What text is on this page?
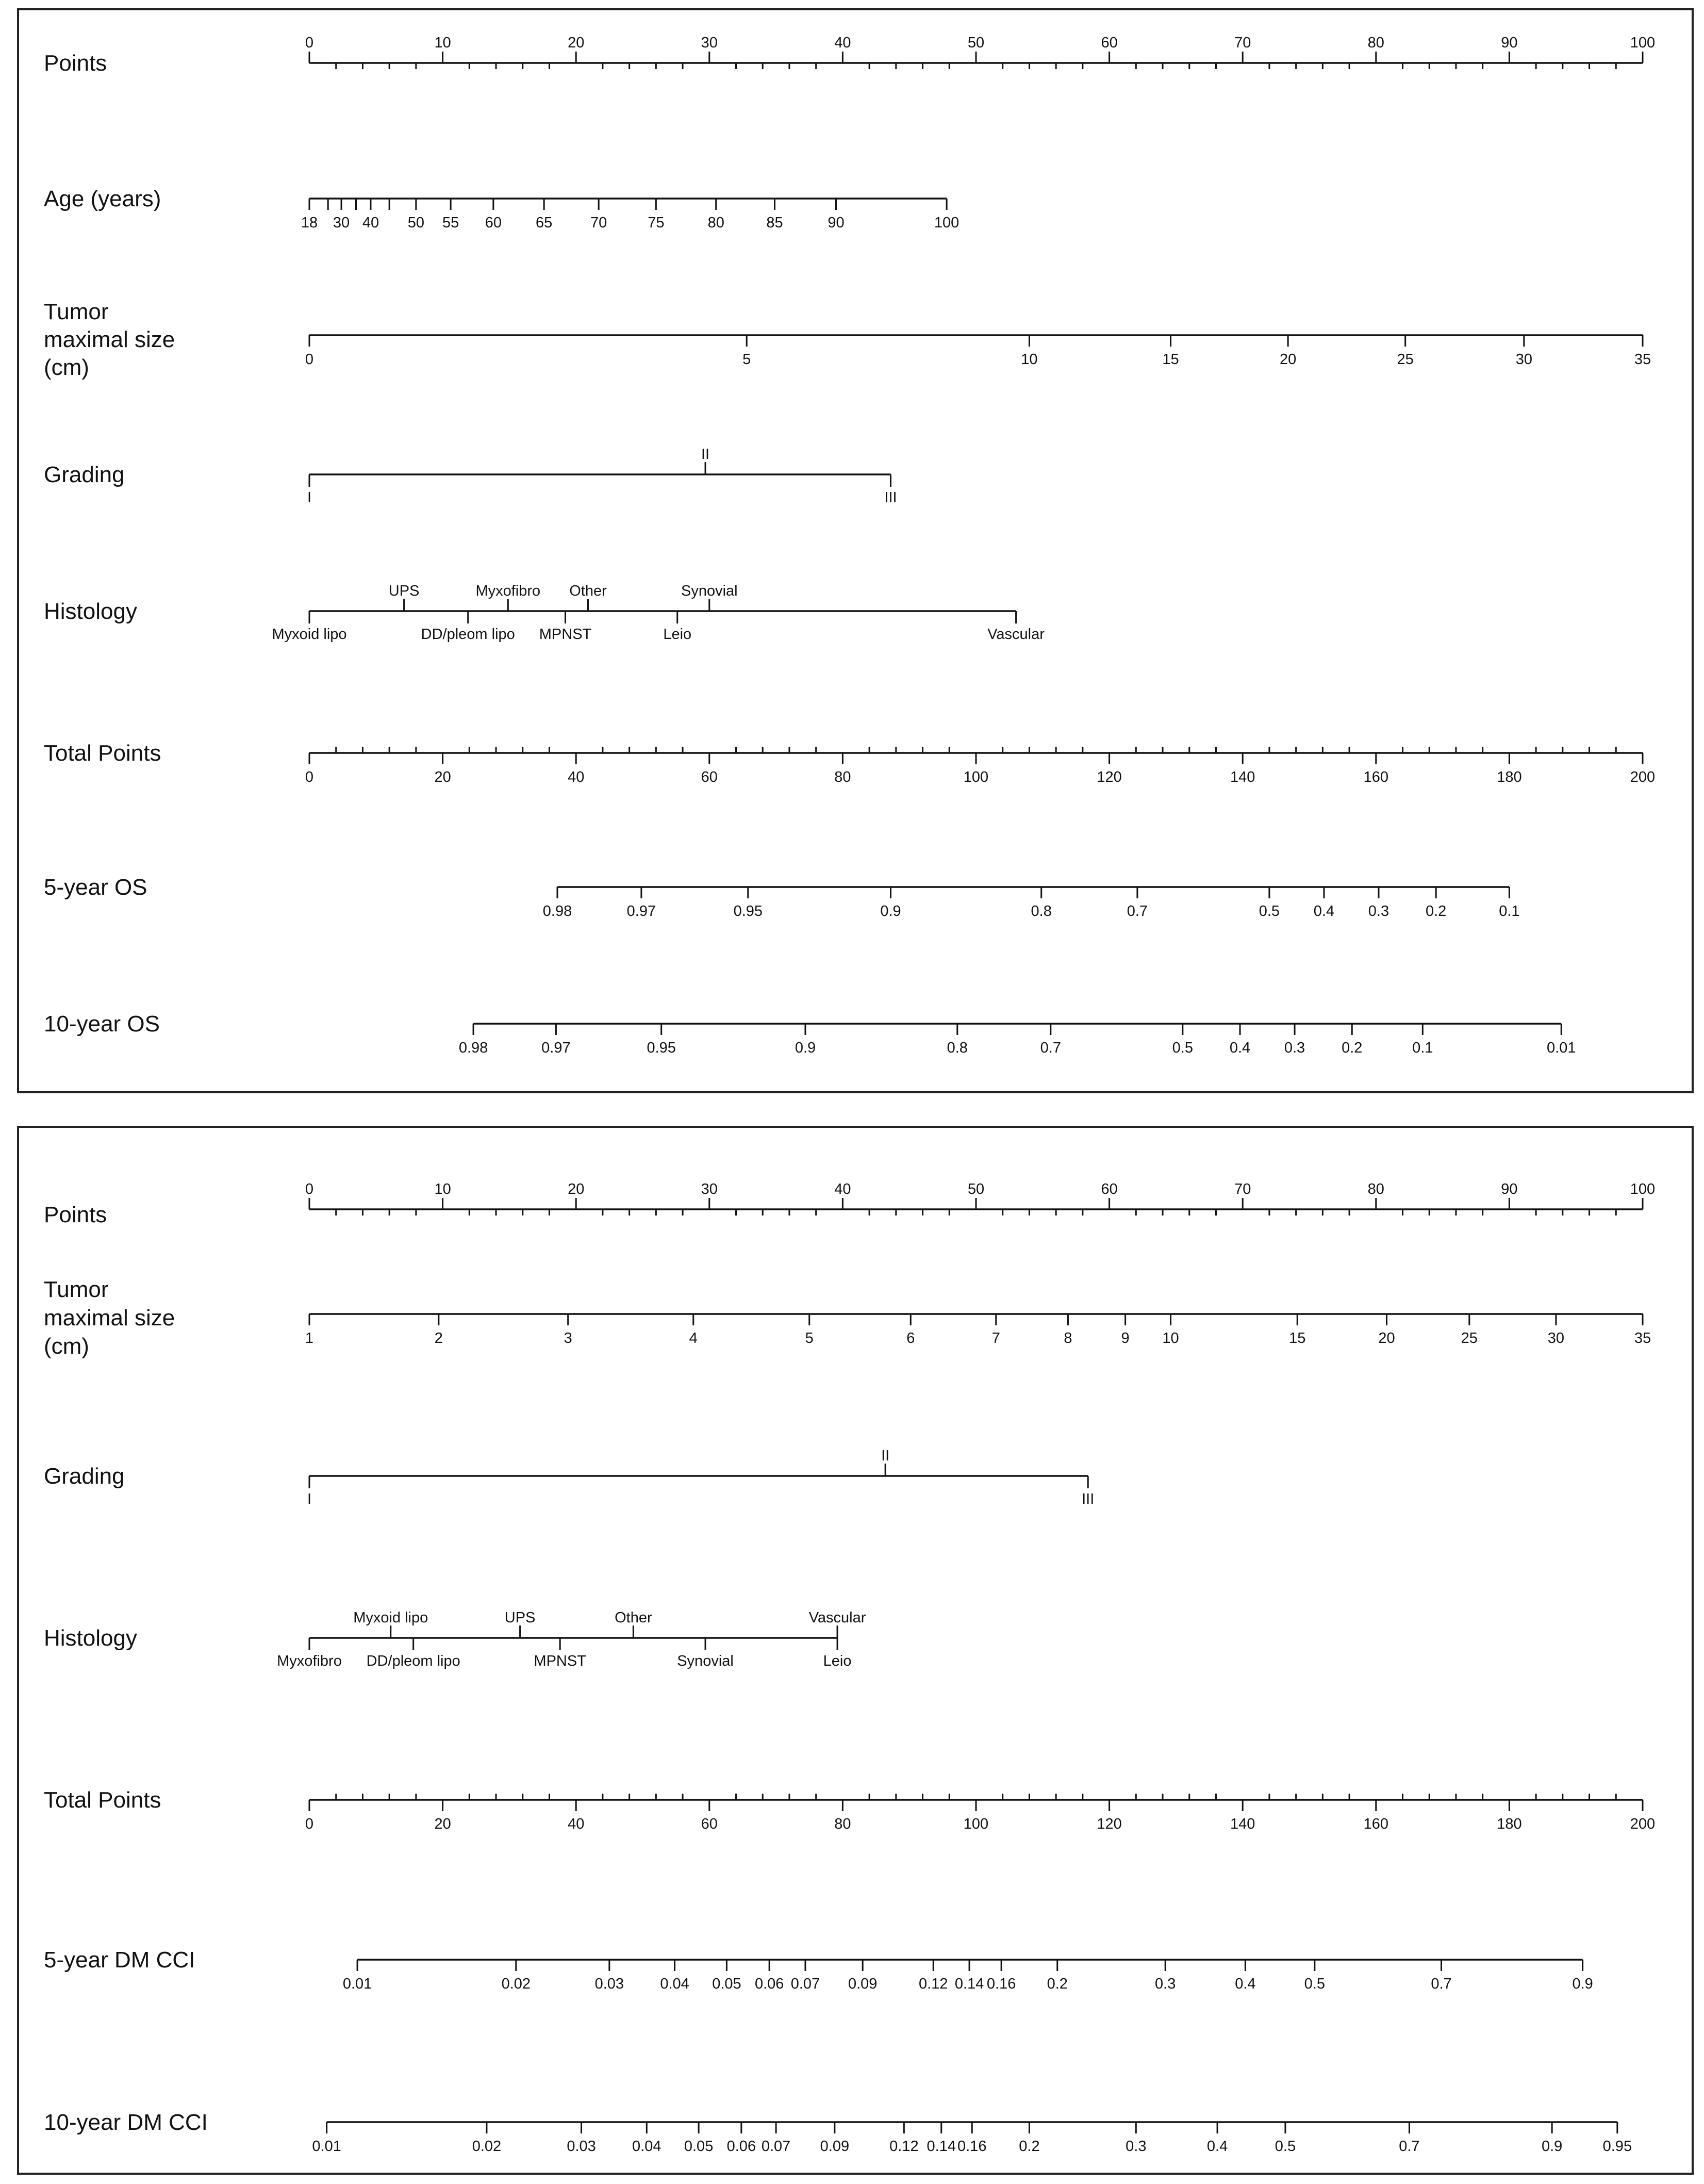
Points
0	10	20	30	40	50	60	70	80	90	100
Age (years)
18 30 40 50 55 60 65	70	75	80	85	90	100
Tumor maximal size (cm)	0	5	10	15	20	25	30	35
Grading
I
II
III
Histology
Myxoid lipo
UPS
DD/pleom lipo
Myxofibro
MPNST
Other
Leio
Synovial
Vascular
Total Points
0	20	40	60	80	100	120	140	160	180	200
5-year OS
0.98	0.97	0.95	0.9	0.8	0.7	0.5 0.4 0.3 0.2	0.1
10-year OS
0.98	0.97	0.95	0.9	0.8	0.7	0.5 0.4 0.3 0.2	0.1	0.01
Points
0	10	20	30	40	50	60	70	80	90	100
Tumor maximal size (cm)	1	2	3	4	5	6	7	8	9 10	15	20	25	30	35
Grading
I
II
III
Histology
Myxofibro
Myxoid lipo
DD/pleom lipo
UPS
MPNST
Other
Synovial	Leio
Vascular
Total Points
0	20	40	60	80	100	120	140	160	180	200
5-year DM CCI
0.01	0.02	0.03 0.04 0.05 0.06 0.07 0.09	0.12 0.14 0.16 0.2	0.3	0.4	0.5	0.7	0.9
10-year DM CCI
0.01	0.02	0.03 0.04 0.05 0.06 0.07 0.09	0.12 0.14 0.16 0.2	0.3	0.4	0.5	0.7	0.9	0.95
